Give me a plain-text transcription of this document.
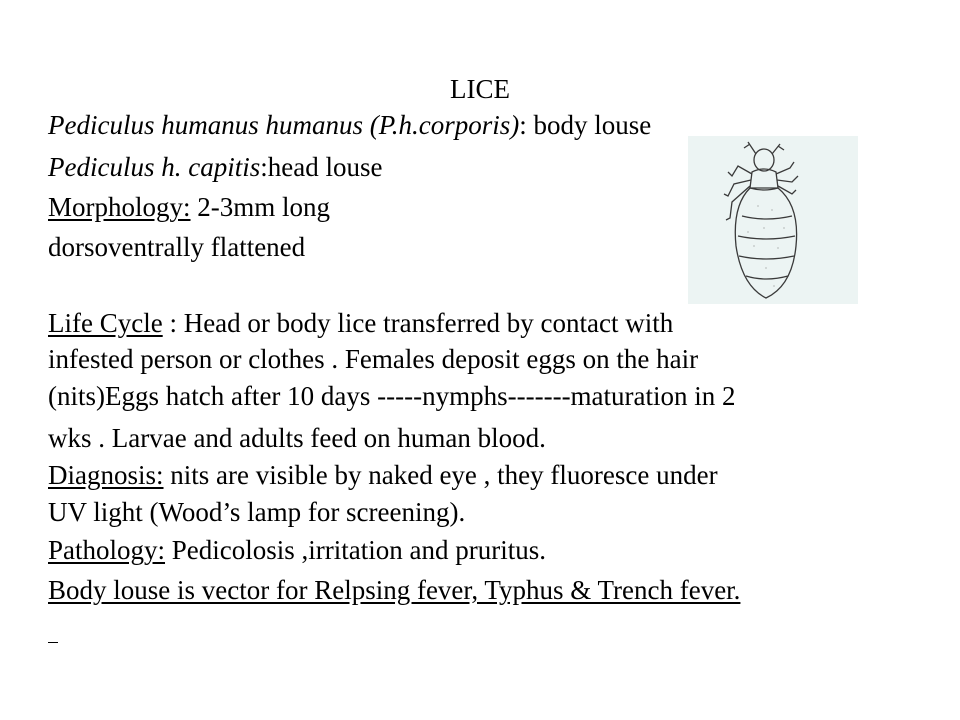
LICE
Pediculus humanus humanus (P.h.corporis): body louse
Pediculus h. capitis:head louse
Morphology: 2-3mm long
dorsoventrally flattened
Life Cycle : Head or body lice transferred by contact with
infested person or clothes . Females deposit eggs on the hair
(nits)Eggs hatch after 10 days -----nymphs-------maturation in 2
wks . Larvae and adults feed on human blood.
Diagnosis: nits are visible by naked eye , they fluoresce under
UV light (Wood’s lamp for screening).
Pathology: Pedicolosis ,irritation and pruritus.
Body louse is vector for Relpsing fever, Typhus & Trench fever.
